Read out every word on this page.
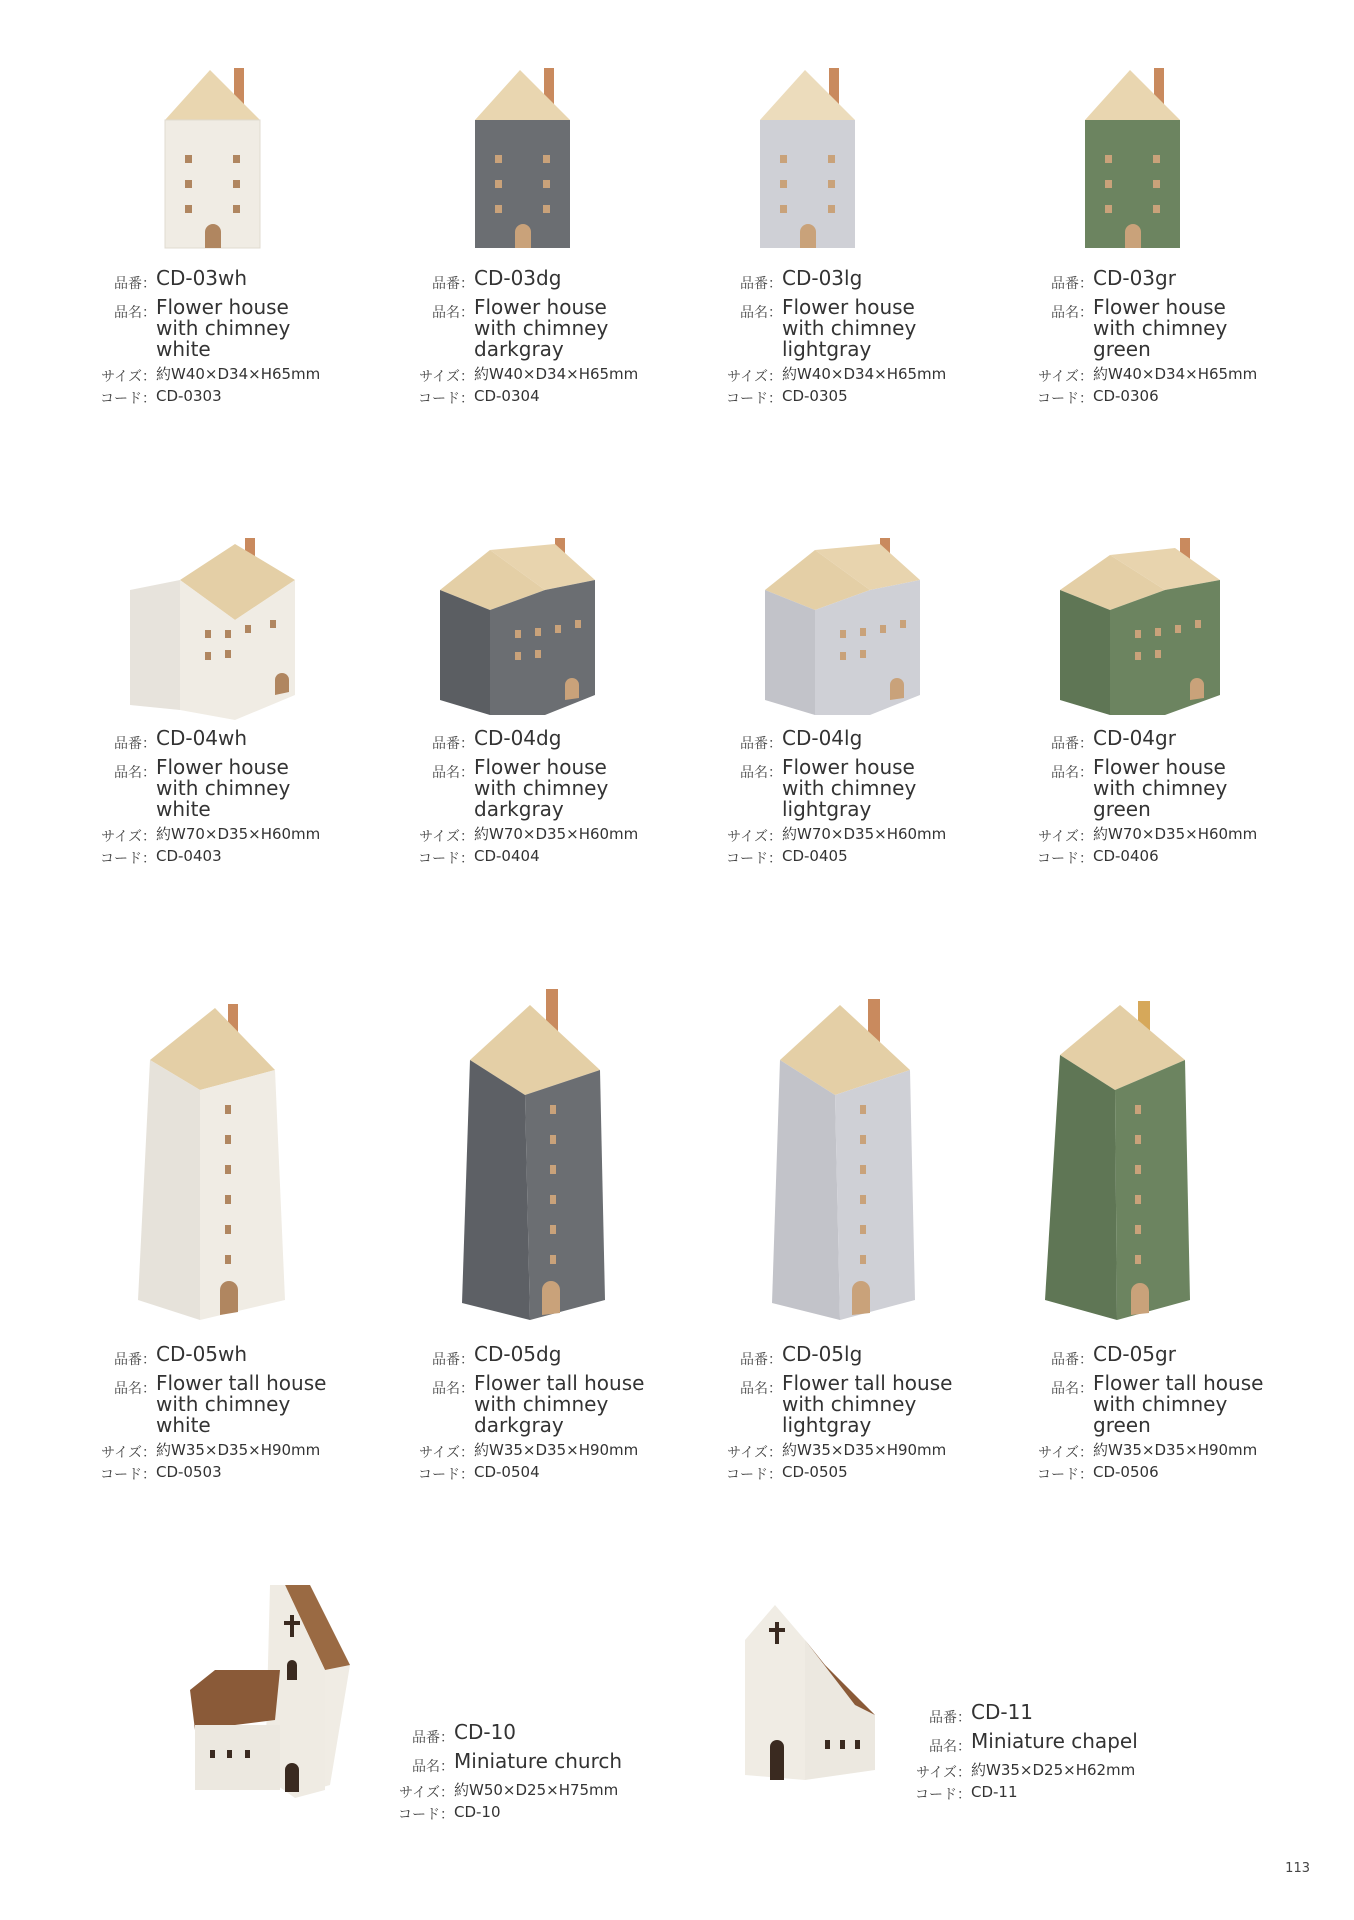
品番： CD-03wh
品名： Flower house
with chimney
white
サイズ： 約W40×D34×H65mm
コード： CD-0303
品番： CD-03dg
品名： Flower house
with chimney
darkgray
サイズ： 約W40×D34×H65mm
コード： CD-0304
品番： CD-03lg
品名： Flower house
with chimney
lightgray
サイズ： 約W40×D34×H65mm
コード： CD-0305
品番： CD-03gr
品名： Flower house
with chimney
green
サイズ： 約W40×D34×H65mm
コード： CD-0306
品番： CD-04wh
品名： Flower house
with chimney
white
サイズ： 約W70×D35×H60mm
コード： CD-0403
品番： CD-04dg
品名： Flower house
with chimney
darkgray
サイズ： 約W70×D35×H60mm
コード： CD-0404
品番： CD-04lg
品名： Flower house
with chimney
lightgray
サイズ： 約W70×D35×H60mm
コード： CD-0405
品番： CD-04gr
品名： Flower house
with chimney
green
サイズ： 約W70×D35×H60mm
コード： CD-0406
品番： CD-05wh
品名： Flower tall house
with chimney
white
サイズ： 約W35×D35×H90mm
コード： CD-0503
品番： CD-05dg
品名： Flower tall house
with chimney
darkgray
サイズ： 約W35×D35×H90mm
コード： CD-0504
品番： CD-05lg
品名： Flower tall house
with chimney
lightgray
サイズ： 約W35×D35×H90mm
コード： CD-0505
品番： CD-05gr
品名： Flower tall house
with chimney
green
サイズ： 約W35×D35×H90mm
コード： CD-0506
品番： CD-10
品名： Miniature church
サイズ： 約W50×D25×H75mm
コード： CD-10
品番： CD-11
品名： Miniature chapel
サイズ： 約W35×D25×H62mm
コード： CD-11
113
